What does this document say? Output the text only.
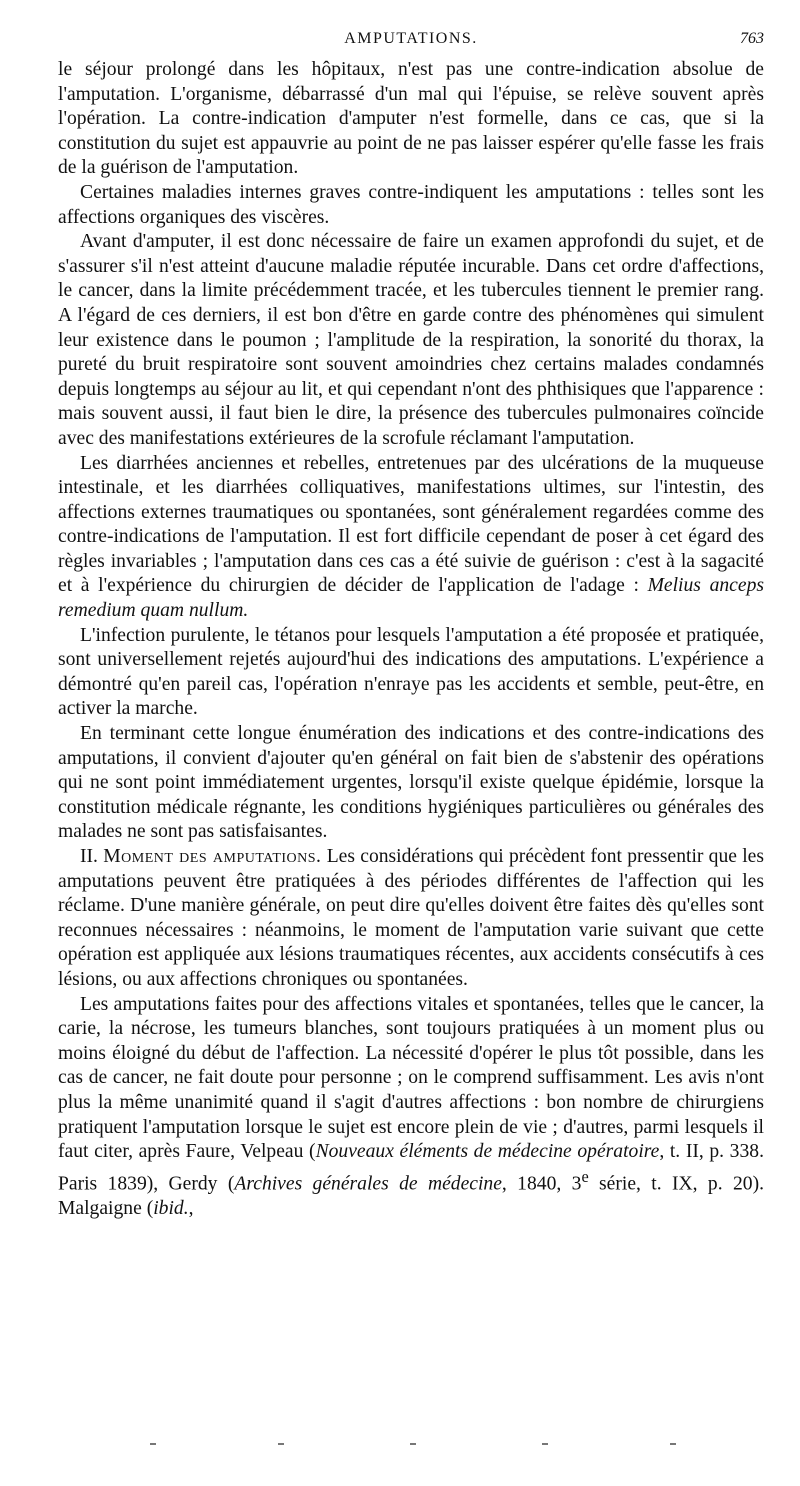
AMPUTATIONS.	763

le séjour prolongé dans les hôpitaux, n'est pas une contre-indication absolue de l'amputation. L'organisme, débarrassé d'un mal qui l'épuise, se relève souvent après l'opération. La contre-indication d'amputer n'est formelle, dans ce cas, que si la constitution du sujet est appauvrie au point de ne pas laisser espérer qu'elle fasse les frais de la guérison de l'amputation.

Certaines maladies internes graves contre-indiquent les amputations : telles sont les affections organiques des viscères.

Avant d'amputer, il est donc nécessaire de faire un examen approfondi du sujet, et de s'assurer s'il n'est atteint d'aucune maladie réputée incurable. Dans cet ordre d'affections, le cancer, dans la limite précédemment tracée, et les tubercules tiennent le premier rang. A l'égard de ces derniers, il est bon d'être en garde contre des phénomènes qui simulent leur existence dans le poumon ; l'amplitude de la respiration, la sonorité du thorax, la pureté du bruit respiratoire sont souvent amoindries chez certains malades condamnés depuis longtemps au séjour au lit, et qui cependant n'ont des phthisiques que l'apparence : mais souvent aussi, il faut bien le dire, la présence des tubercules pulmonaires coïncide avec des manifestations extérieures de la scrofule réclamant l'amputation.

Les diarrhées anciennes et rebelles, entretenues par des ulcérations de la muqueuse intestinale, et les diarrhées colliquatives, manifestations ultimes, sur l'intestin, des affections externes traumatiques ou spontanées, sont généralement regardées comme des contre-indications de l'amputation. Il est fort difficile cependant de poser à cet égard des règles invariables ; l'amputation dans ces cas a été suivie de guérison : c'est à la sagacité et à l'expérience du chirurgien de décider de l'application de l'adage : Melius anceps remedium quam nullum.

L'infection purulente, le tétanos pour lesquels l'amputation a été proposée et pratiquée, sont universellement rejetés aujourd'hui des indications des amputations. L'expérience a démontré qu'en pareil cas, l'opération n'enraye pas les accidents et semble, peut-être, en activer la marche.

En terminant cette longue énumération des indications et des contre-indications des amputations, il convient d'ajouter qu'en général on fait bien de s'abstenir des opérations qui ne sont point immédiatement urgentes, lorsqu'il existe quelque épidémie, lorsque la constitution médicale régnante, les conditions hygiéniques particulières ou générales des malades ne sont pas satisfaisantes.

II. Moment des amputations. Les considérations qui précèdent font pressentir que les amputations peuvent être pratiquées à des périodes différentes de l'affection qui les réclame. D'une manière générale, on peut dire qu'elles doivent être faites dès qu'elles sont reconnues nécessaires : néanmoins, le moment de l'amputation varie suivant que cette opération est appliquée aux lésions traumatiques récentes, aux accidents consécutifs à ces lésions, ou aux affections chroniques ou spontanées.

Les amputations faites pour des affections vitales et spontanées, telles que le cancer, la carie, la nécrose, les tumeurs blanches, sont toujours pratiquées à un moment plus ou moins éloigné du début de l'affection. La nécessité d'opérer le plus tôt possible, dans les cas de cancer, ne fait doute pour personne ; on le comprend suffisamment. Les avis n'ont plus la même unanimité quand il s'agit d'autres affections : bon nombre de chirurgiens pratiquent l'amputation lorsque le sujet est encore plein de vie ; d'autres, parmi lesquels il faut citer, après Faure, Velpeau (Nouveaux éléments de médecine opératoire, t. II, p. 338. Paris 1839), Gerdy (Archives générales de médecine, 1840, 3e série, t. IX, p. 20). Malgaigne (ibid.,
